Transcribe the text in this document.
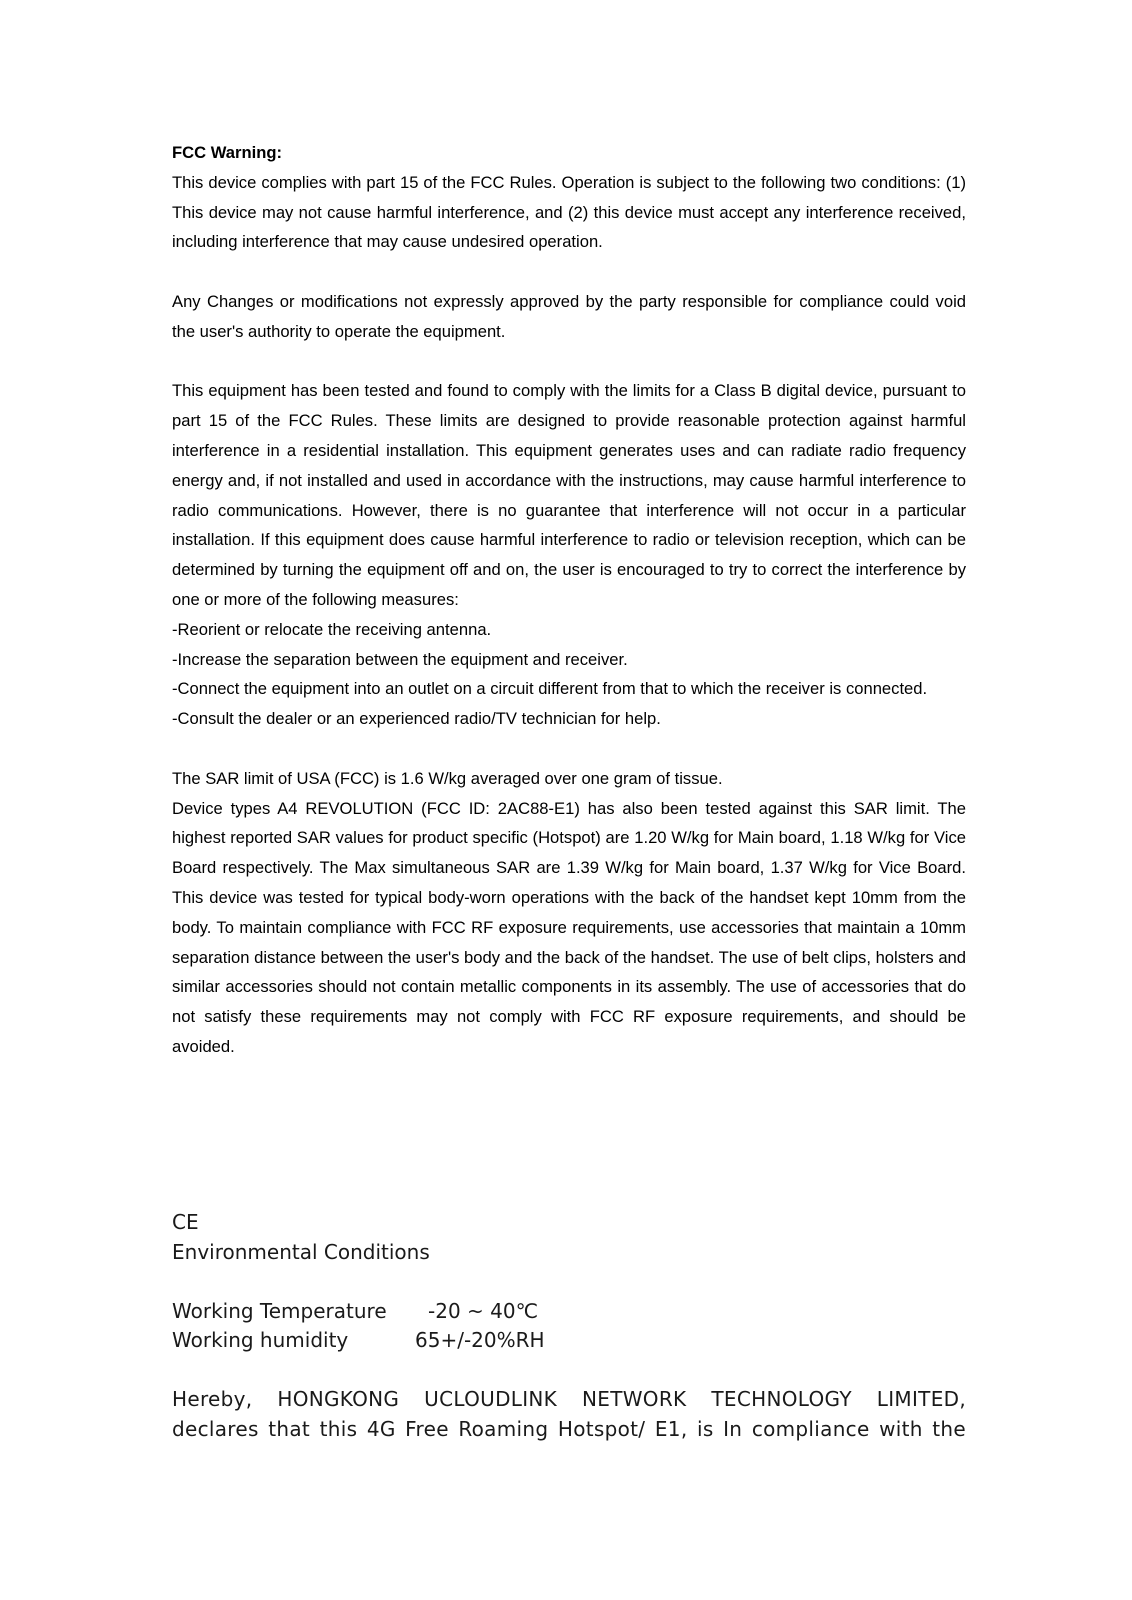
FCC Warning:

This device complies with part 15 of the FCC Rules. Operation is subject to the following two conditions: (1) This device may not cause harmful interference, and (2) this device must accept any interference received, including interference that may cause undesired operation.

Any Changes or modifications not expressly approved by the party responsible for compliance could void the user's authority to operate the equipment.

This equipment has been tested and found to comply with the limits for a Class B digital device, pursuant to part 15 of the FCC Rules. These limits are designed to provide reasonable protection against harmful interference in a residential installation. This equipment generates uses and can radiate radio frequency energy and, if not installed and used in accordance with the instructions, may cause harmful interference to radio communications. However, there is no guarantee that interference will not occur in a particular installation. If this equipment does cause harmful interference to radio or television reception, which can be determined by turning the equipment off and on, the user is encouraged to try to correct the interference by one or more of the following measures:

-Reorient or relocate the receiving antenna.

-Increase the separation between the equipment and receiver.

-Connect the equipment into an outlet on a circuit different from that to which the receiver is connected.

-Consult the dealer or an experienced radio/TV technician for help.

The SAR limit of USA (FCC) is 1.6 W/kg averaged over one gram of tissue.

Device types A4 REVOLUTION (FCC ID: 2AC88-E1) has also been tested against this SAR limit. The highest reported SAR values for product specific (Hotspot) are 1.20 W/kg for Main board, 1.18 W/kg for Vice Board respectively. The Max simultaneous SAR are 1.39 W/kg for Main board, 1.37 W/kg for Vice Board. This device was tested for typical body-worn operations with the back of the handset kept 10mm from the body. To maintain compliance with FCC RF exposure requirements, use accessories that maintain a 10mm separation distance between the user's body and the back of the handset. The use of belt clips, holsters and similar accessories should not contain metallic components in its assembly. The use of accessories that do not satisfy these requirements may not comply with FCC RF exposure requirements, and should be avoided.

CE

Environmental Conditions

Working Temperature	-20 ~ 40℃
Working humidity	65+/-20%RH

Hereby, HONGKONG UCLOUDLINK NETWORK TECHNOLOGY LIMITED,

declares that this 4G Free Roaming Hotspot/ E1, is In compliance with the
